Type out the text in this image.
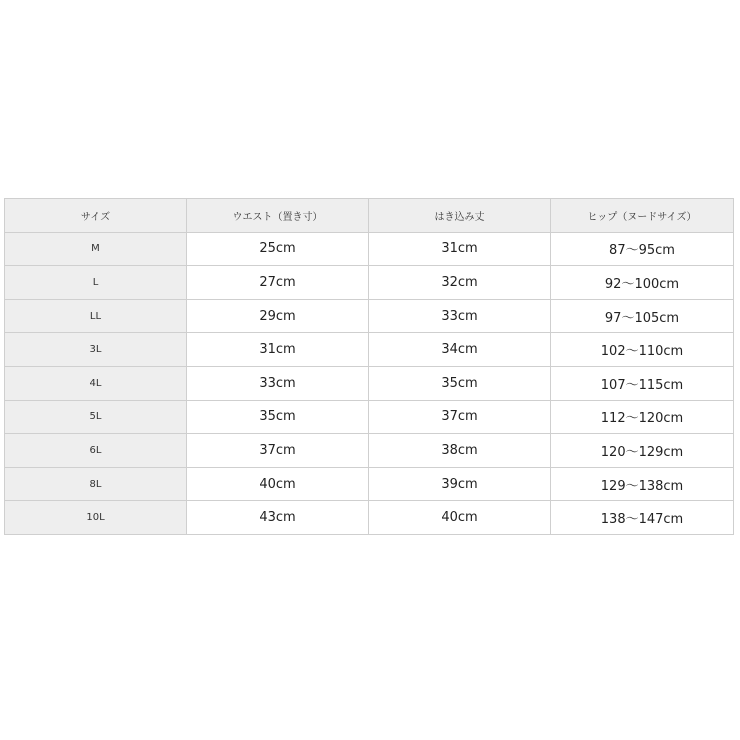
サイズ	ウエスト（置き寸）	はき込み丈	ヒップ（ヌードサイズ）
M	25cm	31cm	87〜95cm
L	27cm	32cm	92〜100cm
LL	29cm	33cm	97〜105cm
3L	31cm	34cm	102〜110cm
4L	33cm	35cm	107〜115cm
5L	35cm	37cm	112〜120cm
6L	37cm	38cm	120〜129cm
8L	40cm	39cm	129〜138cm
10L	43cm	40cm	138〜147cm
